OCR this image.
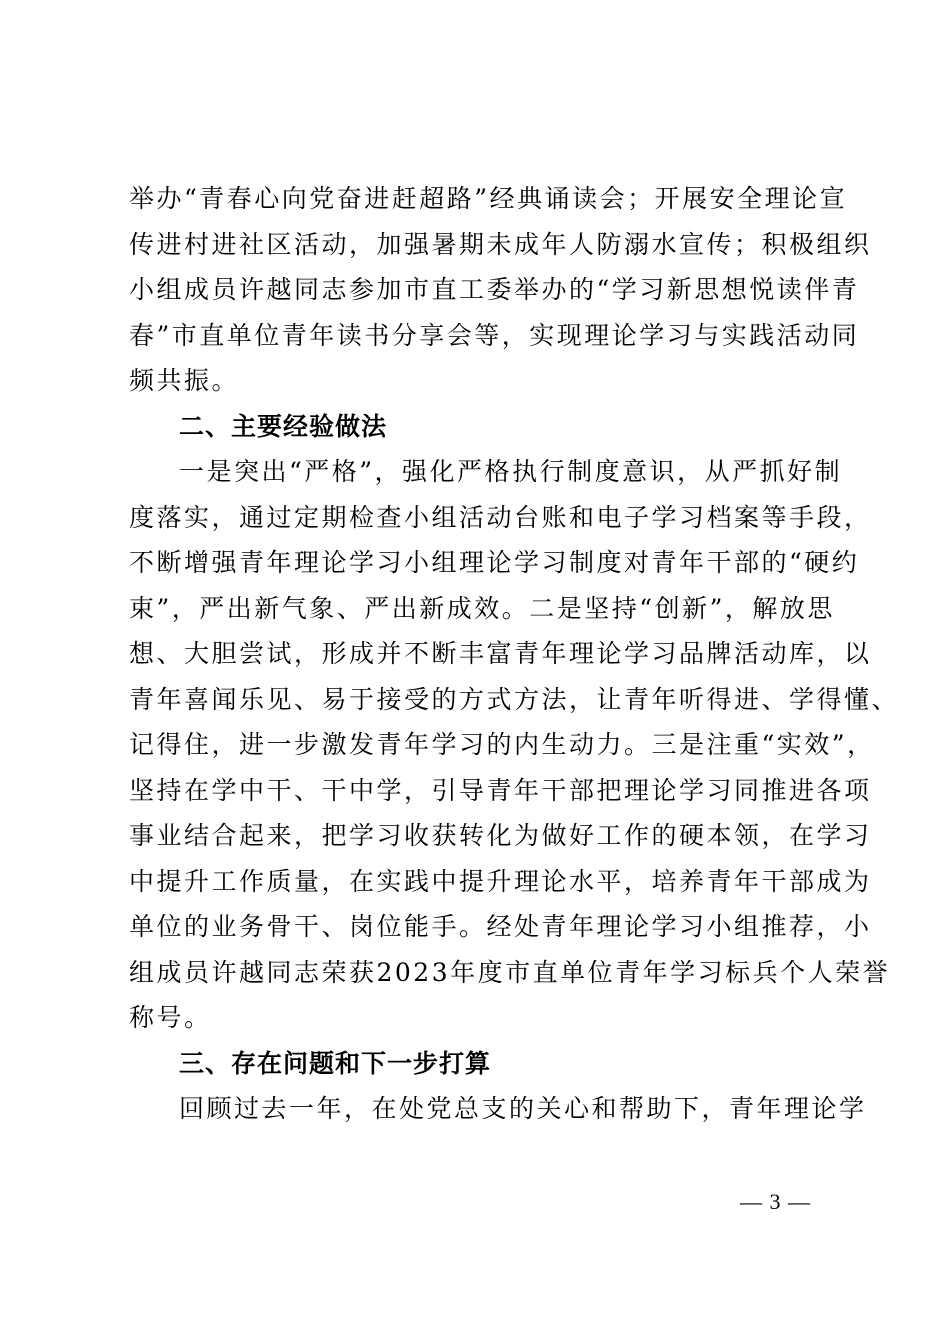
举办“青春心向党奋进赶超路”经典诵读会；开展安全理论宣
传进村进社区活动，加强暑期未成年人防溺水宣传；积极组织
小组成员许越同志参加市直工委举办的“学习新思想悦读伴青
春”市直单位青年读书分享会等，实现理论学习与实践活动同
频共振。
二、主要经验做法
一是突出“严格”，强化严格执行制度意识，从严抓好制
度落实，通过定期检查小组活动台账和电子学习档案等手段，
不断增强青年理论学习小组理论学习制度对青年干部的“硬约
束”，严出新气象、严出新成效。二是坚持“创新”，解放思
想、大胆尝试，形成并不断丰富青年理论学习品牌活动库，以
青年喜闻乐见、易于接受的方式方法，让青年听得进、学得懂、
记得住，进一步激发青年学习的内生动力。三是注重“实效”，
坚持在学中干、干中学，引导青年干部把理论学习同推进各项
事业结合起来，把学习收获转化为做好工作的硬本领，在学习
中提升工作质量，在实践中提升理论水平，培养青年干部成为
单位的业务骨干、岗位能手。经处青年理论学习小组推荐，小
组成员许越同志荣获2023年度市直单位青年学习标兵个人荣誉
称号。
三、存在问题和下一步打算
回顾过去一年，在处党总支的关心和帮助下，青年理论学
— 3 —
